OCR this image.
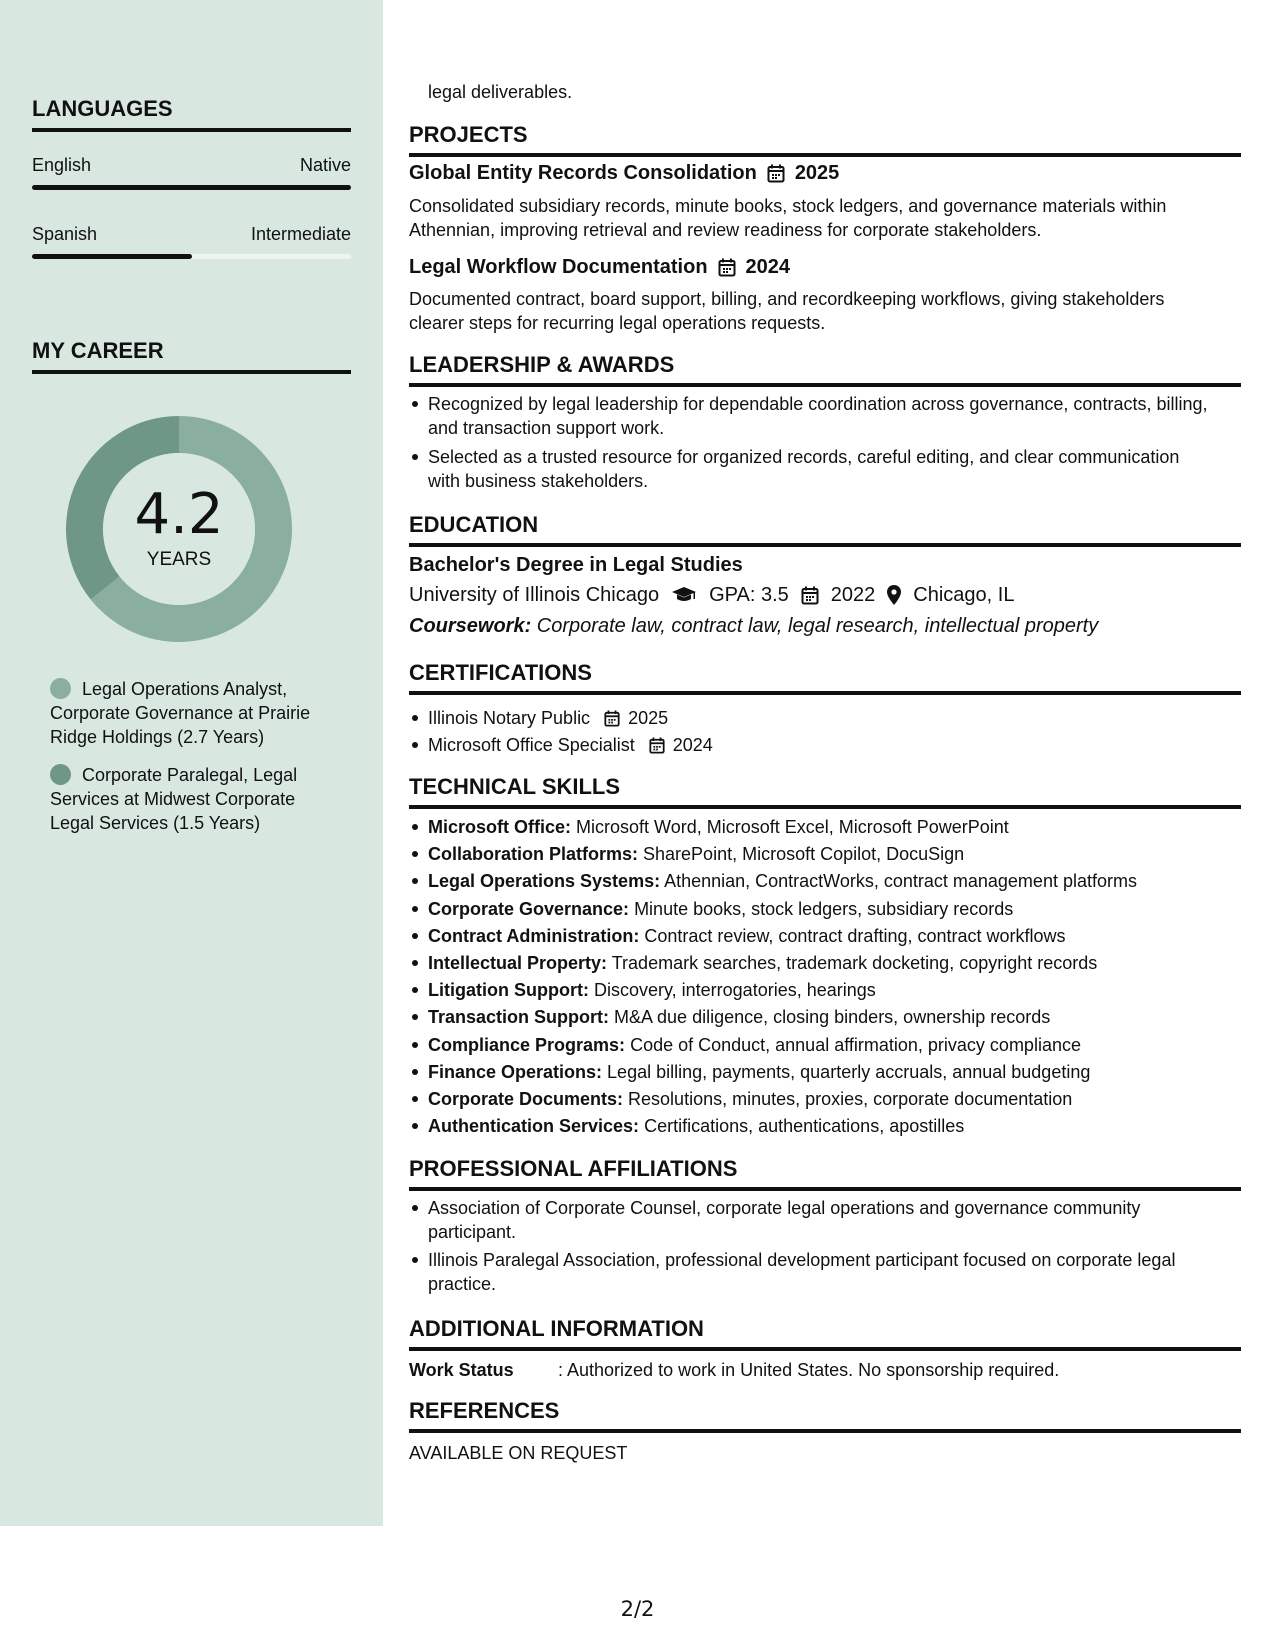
LANGUAGES
English	Native
Spanish	Intermediate
MY CAREER
4.2
YEARS
Legal Operations Analyst, Corporate Governance at Prairie Ridge Holdings (2.7 Years)
Corporate Paralegal, Legal Services at Midwest Corporate Legal Services (1.5 Years)
legal deliverables.
PROJECTS
Global Entity Records Consolidation 2025
Consolidated subsidiary records, minute books, stock ledgers, and governance materials within
Athennian, improving retrieval and review readiness for corporate stakeholders.
Legal Workflow Documentation 2024
Documented contract, board support, billing, and recordkeeping workflows, giving stakeholders
clearer steps for recurring legal operations requests.
LEADERSHIP & AWARDS
Recognized by legal leadership for dependable coordination across governance, contracts, billing,
and transaction support work.
Selected as a trusted resource for organized records, careful editing, and clear communication
with business stakeholders.
EDUCATION
Bachelor's Degree in Legal Studies
University of Illinois Chicago	GPA: 3.5 2022 Chicago, IL
Coursework: Corporate law, contract law, legal research, intellectual property
CERTIFICATIONS
Illinois Notary Public 2025
Microsoft Office Specialist 2024
TECHNICAL SKILLS
Microsoft Office: Microsoft Word, Microsoft Excel, Microsoft PowerPoint
Collaboration Platforms: SharePoint, Microsoft Copilot, DocuSign
Legal Operations Systems: Athennian, ContractWorks, contract management platforms
Corporate Governance: Minute books, stock ledgers, subsidiary records
Contract Administration: Contract review, contract drafting, contract workflows
Intellectual Property: Trademark searches, trademark docketing, copyright records
Litigation Support: Discovery, interrogatories, hearings
Transaction Support: M&A due diligence, closing binders, ownership records
Compliance Programs: Code of Conduct, annual affirmation, privacy compliance
Finance Operations: Legal billing, payments, quarterly accruals, annual budgeting
Corporate Documents: Resolutions, minutes, proxies, corporate documentation
Authentication Services: Certifications, authentications, apostilles
PROFESSIONAL AFFILIATIONS
Association of Corporate Counsel, corporate legal operations and governance community
participant.
Illinois Paralegal Association, professional development participant focused on corporate legal
practice.
ADDITIONAL INFORMATION
Work Status : Authorized to work in United States. No sponsorship required.
REFERENCES
AVAILABLE ON REQUEST
2/2
